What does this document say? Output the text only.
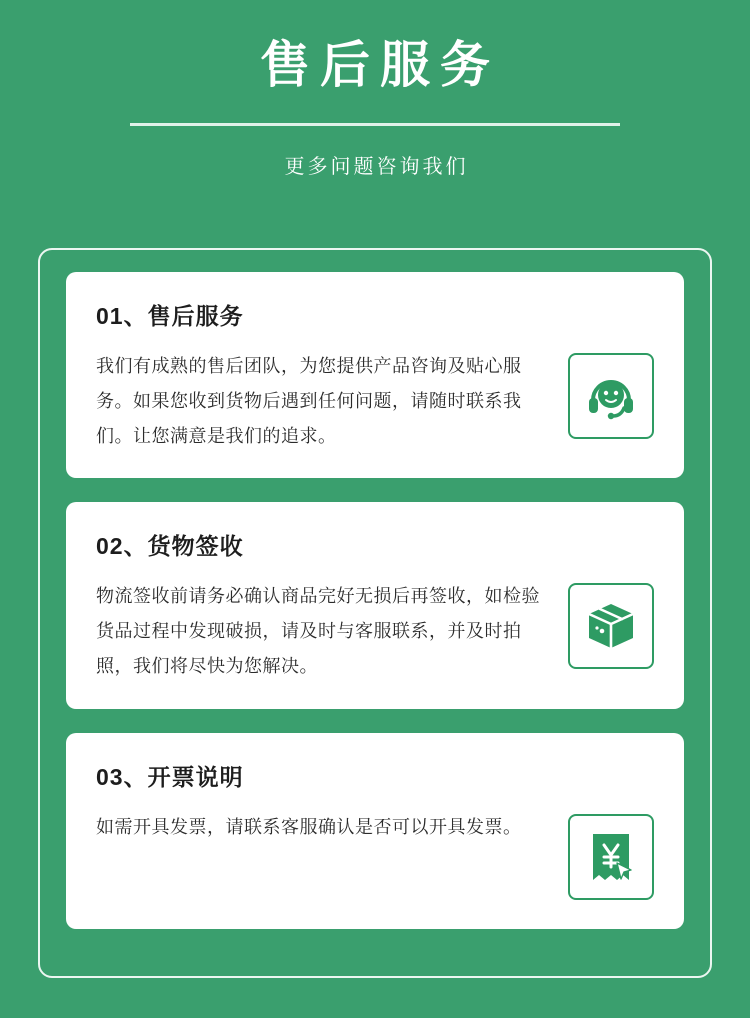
售后服务
更多问题咨询我们
01、售后服务

我们有成熟的售后团队，为您提供产品咨询及贴心服务。如果您收到货物后遇到任何问题，请随时联系我们。让您满意是我们的追求。

02、货物签收

物流签收前请务必确认商品完好无损后再签收，如检验货品过程中发现破损，请及时与客服联系，并及时拍照，我们将尽快为您解决。

03、开票说明

如需开具发票，请联系客服确认是否可以开具发票。
